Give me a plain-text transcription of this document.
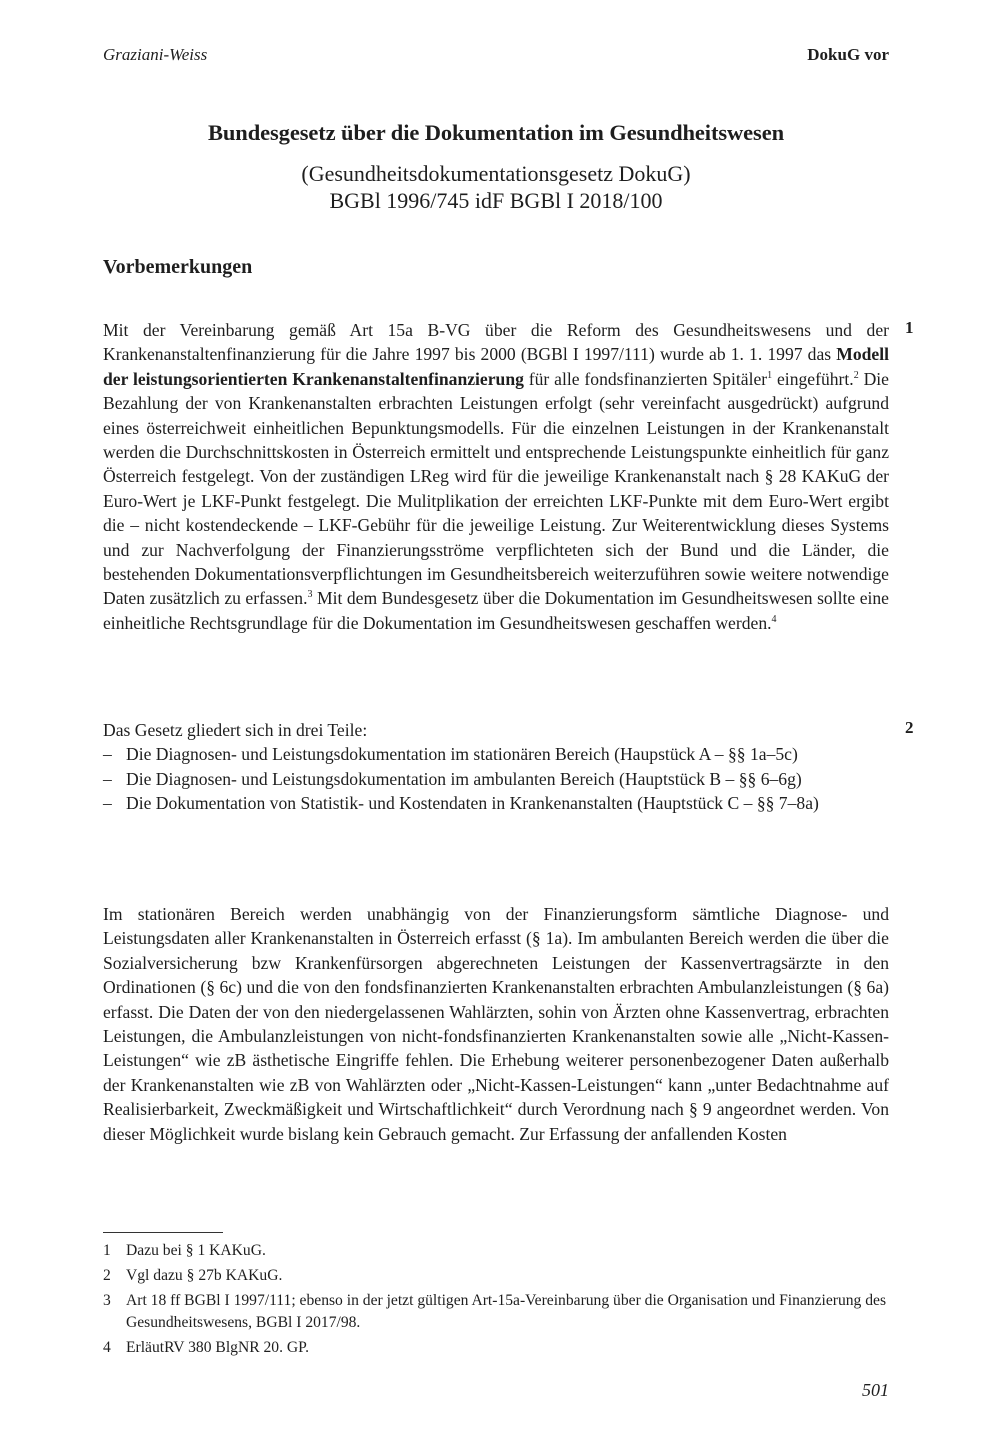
Graziani-Weiss	DokuG vor
Bundesgesetz über die Dokumentation im Gesundheitswesen
(Gesundheitsdokumentationsgesetz DokuG)
BGBl 1996/745 idF BGBl I 2018/100
Vorbemerkungen

Mit der Vereinbarung gemäß Art 15a B-VG über die Reform des Gesundheitswesens und der Krankenanstaltenfinanzierung für die Jahre 1997 bis 2000 (BGBl I 1997/111) wurde ab 1. 1. 1997 das Modell der leistungsorientierten Krankenanstaltenfinanzierung für alle fondsfinanzierten Spitäler$^1$ eingeführt.$^2$ Die Bezahlung der von Krankenanstalten erbrachten Leistungen erfolgt (sehr vereinfacht ausgedrückt) aufgrund eines österreichweit einheitlichen Bepunktungsmodells. Für die einzelnen Leistungen in der Krankenanstalt werden die Durchschnittskosten in Österreich ermittelt und entsprechende Leistungspunkte einheitlich für ganz Österreich festgelegt. Von der zuständigen LReg wird für die jeweilige Krankenanstalt nach § 28 KAKuG der Euro-Wert je LKF-Punkt festgelegt. Die Mulitplikation der erreichten LKF-Punkte mit dem Euro-Wert ergibt die – nicht kostendeckende – LKF-Gebühr für die jeweilige Leistung. Zur Weiterentwicklung dieses Systems und zur Nachverfolgung der Finanzierungsströme verpflichteten sich der Bund und die Länder, die bestehenden Dokumentationsverpflichtungen im Gesundheitsbereich weiterzuführen sowie weitere notwendige Daten zusätzlich zu erfassen.$^3$ Mit dem Bundesgesetz über die Dokumentation im Gesundheitswesen sollte eine einheitliche Rechtsgrundlage für die Dokumentation im Gesundheitswesen geschaffen werden.$^4$

1

Das Gesetz gliedert sich in drei Teile:

– Die Diagnosen- und Leistungsdokumentation im stationären Bereich (Haupstück A – §§ 1a–5c)
– Die Diagnosen- und Leistungsdokumentation im ambulanten Bereich (Hauptstück B – §§ 6–6g)
– Die Dokumentation von Statistik- und Kostendaten in Krankenanstalten (Hauptstück C – §§ 7–8a)
2

Im stationären Bereich werden unabhängig von der Finanzierungsform sämtliche Diagnose- und Leistungsdaten aller Krankenanstalten in Österreich erfasst (§ 1a). Im ambulanten Bereich werden die über die Sozialversicherung bzw Krankenfürsorgen abgerechneten Leistungen der Kassenvertragsärzte in den Ordinationen (§ 6c) und die von den fondsfinanzierten Krankenanstalten erbrachten Ambulanzleistungen (§ 6a) erfasst. Die Daten der von den niedergelassenen Wahlärzten, sohin von Ärzten ohne Kassenvertrag, erbrachten Leistungen, die Ambulanzleistungen von nicht-fondsfinanzierten Krankenanstalten sowie alle „Nicht-Kassen-Leistungen“ wie zB ästhetische Eingriffe fehlen. Die Erhebung weiterer personenbezogener Daten außerhalb der Krankenanstalten wie zB von Wahlärzten oder „Nicht-Kassen-Leistungen“ kann „unter Bedachtnahme auf Realisierbarkeit, Zweckmäßigkeit und Wirtschaftlichkeit“ durch Verordnung nach § 9 angeordnet werden. Von dieser Möglichkeit wurde bislang kein Gebrauch gemacht. Zur Erfassung der anfallenden Kosten

1 Dazu bei § 1 KAKuG.
2 Vgl dazu § 27b KAKuG.
3 Art 18 ff BGBl I 1997/111; ebenso in der jetzt gültigen Art-15a-Vereinbarung über die Organisation und Finanzierung des Gesundheitswesens, BGBl I 2017/98.
4 ErläutRV 380 BlgNR 20. GP.
501
